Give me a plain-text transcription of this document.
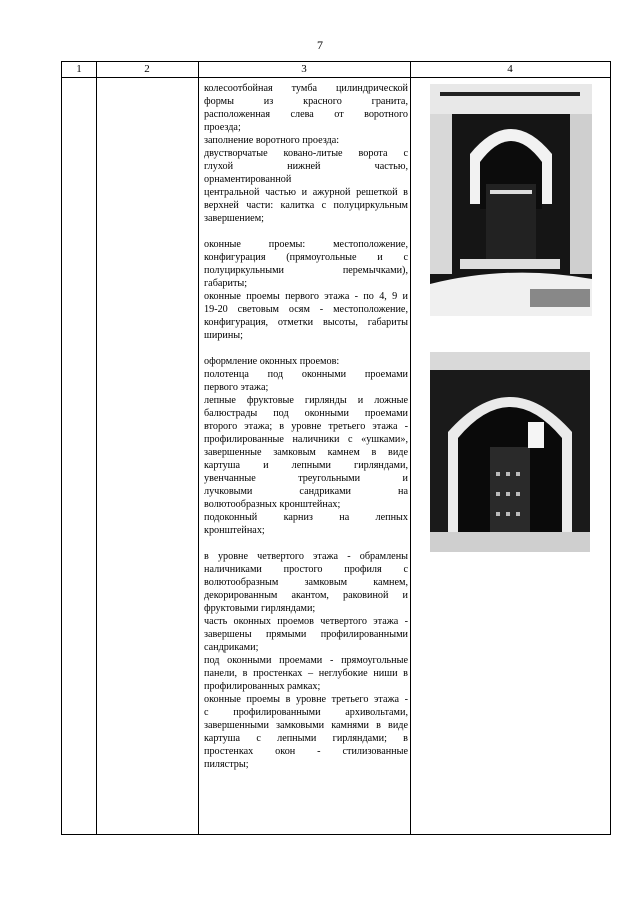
7
1	2	3	4

колесоотбойная тумба цилиндрической

формы из красного гранита,

расположенная слева от воротного

проезда;

заполнение воротного проезда:

двустворчатые ковано-литые ворота с

глухой нижней частью,

орнаментированной

центральной частью и ажурной решеткой в

верхней части: калитка с полуциркульным

завершением;

оконные проемы: местоположение,

конфигурация (прямоугольные и с

полуциркульными перемычками),

габариты;

оконные проемы первого этажа - по 4, 9 и

19-20 световым осям - местоположение,

конфигурация, отметки высоты, габариты

ширины;

оформление оконных проемов:

полотенца под оконными проемами

первого этажа;

лепные фруктовые гирлянды и ложные

балюстрады под оконными проемами

второго этажа; в уровне третьего этажа -

профилированные наличники с «ушками»,

завершенные замковым камнем в виде

картуша и лепными гирляндами,

увенчанные треугольными и

лучковыми сандриками на

волютообразных кронштейнах;

подоконный карниз на лепных

кронштейнах;

в уровне четвертого этажа - обрамлены

наличниками простого профиля с

волютообразным замковым камнем,

декорированным акантом, раковиной и

фруктовыми гирляндами;

часть оконных проемов четвертого этажа -

завершены прямыми профилированными

сандриками;

под оконными проемами - прямоугольные

панели, в простенках – неглубокие ниши в

профилированных рамках;

оконные проемы в уровне третьего этажа -

с профилированными архивольтами,

завершенными замковыми камнями в виде

картуша с лепными гирляндами; в

простенках окон - стилизованные

пилястры;
